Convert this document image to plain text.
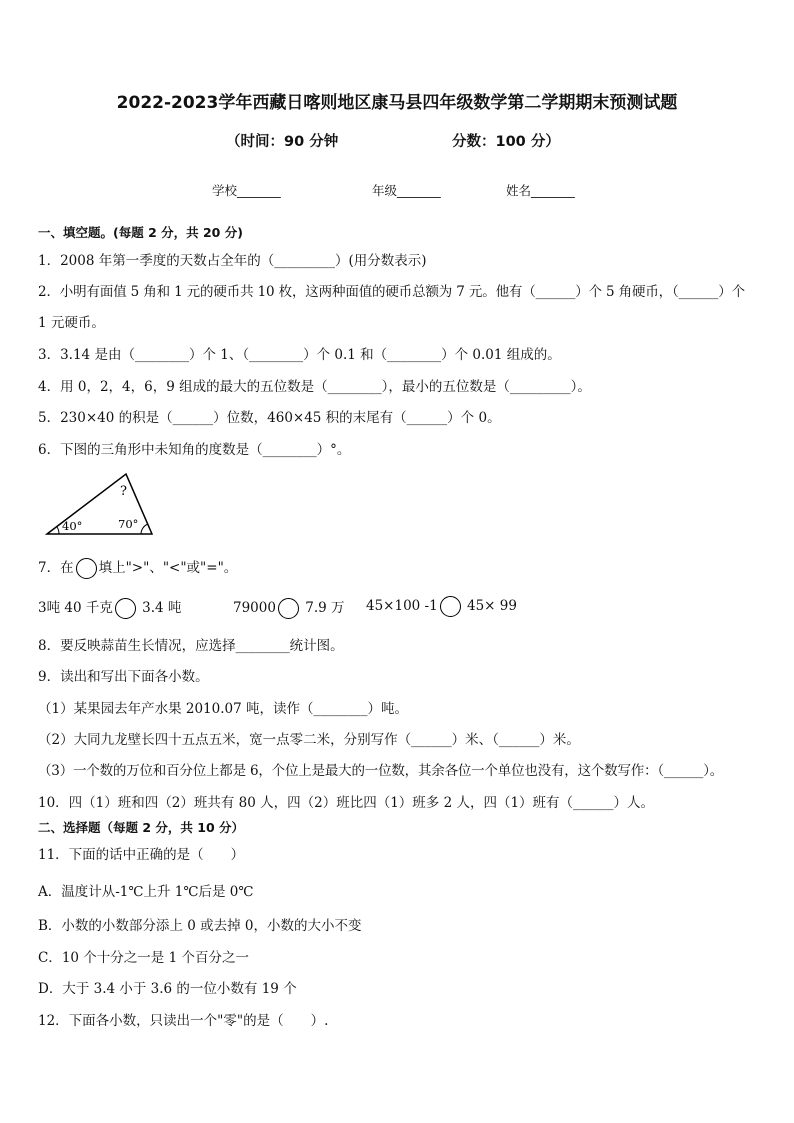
2022-2023学年西藏日喀则地区康马县四年级数学第二学期期末预测试题
（时间：90 分钟	分数：100 分）
学校_______	年级_______	姓名_______
一、填空题。(每题 2 分，共 20 分)
1．2008 年第一季度的天数占全年的（_________）(用分数表示)
2．小明有面值 5 角和 1 元的硬币共 10 枚，这两种面值的硬币总额为 7 元。他有（______）个 5 角硬币，（______）个
1 元硬币。
3．3.14 是由（________）个 1、（________）个 0.1 和（________）个 0.01 组成的。
4．用 0，2，4，6，9 组成的最大的五位数是（________），最小的五位数是（_________）。
5．230×40 的积是（______）位数，460×45 积的末尾有（______）个 0。
6．下图的三角形中未知角的度数是（________）°。
?
40°	70°
7．在 填上">"、"<"或"="。
3吨 40 千克 3.4 吨	79000 7.9 万 45×100 -1 45× 99
8．要反映蒜苗生长情况，应选择________统计图。
9．读出和写出下面各小数。
（1）某果园去年产水果 2010.07 吨，读作（________）吨。
（2）大同九龙壁长四十五点五米，宽一点零二米，分别写作（______）米、（______）米。
（3）一个数的万位和百分位上都是 6，个位上是最大的一位数，其余各位一个单位也没有，这个数写作：（______）。
10．四（1）班和四（2）班共有 80 人，四（2）班比四（1）班多 2 人，四（1）班有（______）人。
二、选择题（每题 2 分，共 10 分）
11．下面的话中正确的是（　　）
A．温度计从-1℃上升 1℃后是 0℃
B．小数的小数部分添上 0 或去掉 0，小数的大小不变
C．10 个十分之一是 1 个百分之一
D．大于 3.4 小于 3.6 的一位小数有 19 个
12．下面各小数，只读出一个"零"的是（　　）.
